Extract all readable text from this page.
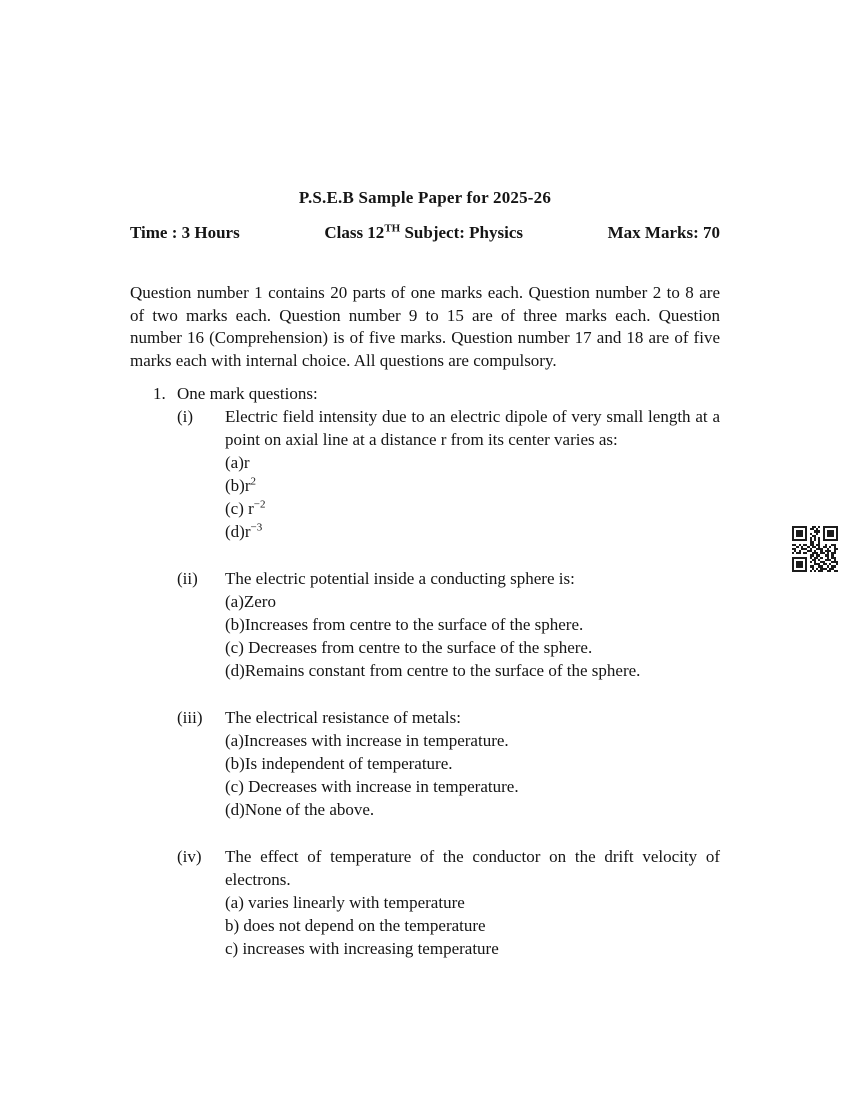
P.S.E.B Sample Paper for 2025-26
Time : 3 Hours	Class 12TH Subject: Physics	Max Marks: 70
Question number 1 contains 20 parts of one marks each. Question number 2 to 8 are of two marks each. Question number 9 to 15 are of three marks each. Question number 16 (Comprehension) is of five marks. Question number 17 and 18 are of five marks each with internal choice. All questions are compulsory.
1. One mark questions:
(i)	Electric field intensity due to an electric dipole of very small length at a point on axial line at a distance r from its center varies as:
(a)r
$(b)r^2$
(c) $r^{-2}$
$(d)r^{-3}$
(ii)	The electric potential inside a conducting sphere is:
(a)Zero
(b)Increases from centre to the surface of the sphere.
(c) Decreases from centre to the surface of the sphere.
(d)Remains constant from centre to the surface of the sphere.
(iii)	The electrical resistance of metals:
(a)Increases with increase in temperature.
(b)Is independent of temperature.
(c) Decreases with increase in temperature.
(d)None of the above.
(iv)	The effect of temperature of the conductor on the drift velocity of electrons.
(a) varies linearly with temperature
b) does not depend on the temperature
c) increases with increasing temperature
